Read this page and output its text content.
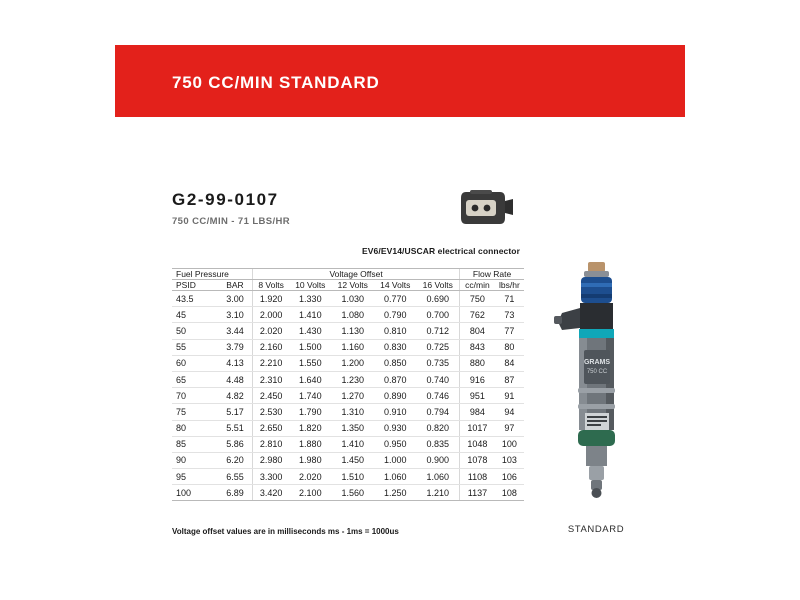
750 CC/MIN STANDARD
G2-99-0107
750 CC/MIN - 71 LBS/HR
EV6/EV14/USCAR electrical connector
Fuel Pressure		Voltage Offset					Flow Rate	
PSID	BAR	8 Volts	10 Volts	12 Volts	14 Volts	16 Volts	cc/min	lbs/hr
43.5	3.00	1.920	1.330	1.030	0.770	0.690	750	71
45	3.10	2.000	1.410	1.080	0.790	0.700	762	73
50	3.44	2.020	1.430	1.130	0.810	0.712	804	77
55	3.79	2.160	1.500	1.160	0.830	0.725	843	80
60	4.13	2.210	1.550	1.200	0.850	0.735	880	84
65	4.48	2.310	1.640	1.230	0.870	0.740	916	87
70	4.82	2.450	1.740	1.270	0.890	0.746	951	91
75	5.17	2.530	1.790	1.310	0.910	0.794	984	94
80	5.51	2.650	1.820	1.350	0.930	0.820	1017	97
85	5.86	2.810	1.880	1.410	0.950	0.835	1048	100
90	6.20	2.980	1.980	1.450	1.000	0.900	1078	103
95	6.55	3.300	2.020	1.510	1.060	1.060	1108	106
100	6.89	3.420	2.100	1.560	1.250	1.210	1137	108
Voltage offset values are in milliseconds ms - 1ms = 1000us
GRAMS
750 CC
STANDARD
